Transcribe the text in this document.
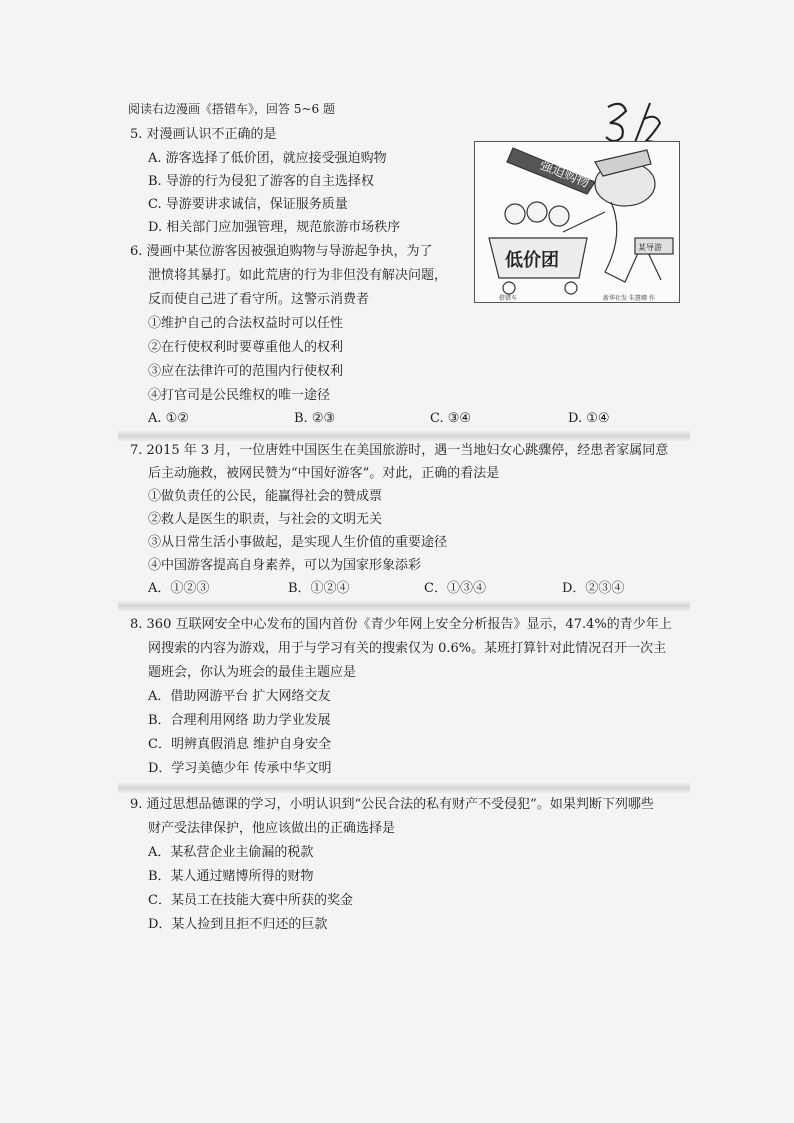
阅读右边漫画《搭错车》，回答 5~6 题
5. 对漫画认识不正确的是
A. 游客选择了低价团，就应接受强迫购物
B. 导游的行为侵犯了游客的自主选择权
C. 导游要讲求诚信，保证服务质量
D. 相关部门应加强管理，规范旅游市场秩序
强迫购物
低价团
某导游
搭错车	新华社发 朱慧卿 作
6. 漫画中某位游客因被强迫购物与导游起争执，为了
泄愤将其暴打。如此荒唐的行为非但没有解决问题，
反而使自己进了看守所。这警示消费者
①维护自己的合法权益时可以任性
②在行使权利时要尊重他人的权利
③应在法律许可的范围内行使权利
④打官司是公民维权的唯一途径
A. ①②	B. ②③	C. ③④	D. ①④
7. 2015 年 3 月，一位唐姓中国医生在美国旅游时，遇一当地妇女心跳骤停，经患者家属同意
后主动施救，被网民赞为“中国好游客”。对此，正确的看法是
①做负责任的公民，能赢得社会的赞成票
②救人是医生的职责，与社会的文明无关
③从日常生活小事做起，是实现人生价值的重要途径
④中国游客提高自身素养，可以为国家形象添彩
A．①②③	B．①②④	C．①③④	D．②③④
8. 360 互联网安全中心发布的国内首份《青少年网上安全分析报告》显示，47.4%的青少年上
网搜索的内容为游戏，用于与学习有关的搜索仅为 0.6%。某班打算针对此情况召开一次主
题班会，你认为班会的最佳主题应是
A．借助网游平台 扩大网络交友
B．合理利用网络 助力学业发展
C．明辨真假消息 维护自身安全
D．学习美德少年 传承中华文明
9. 通过思想品德课的学习，小明认识到“公民合法的私有财产不受侵犯”。如果判断下列哪些
财产受法律保护，他应该做出的正确选择是
A．某私营企业主偷漏的税款
B．某人通过赌博所得的财物
C．某员工在技能大赛中所获的奖金
D．某人捡到且拒不归还的巨款
